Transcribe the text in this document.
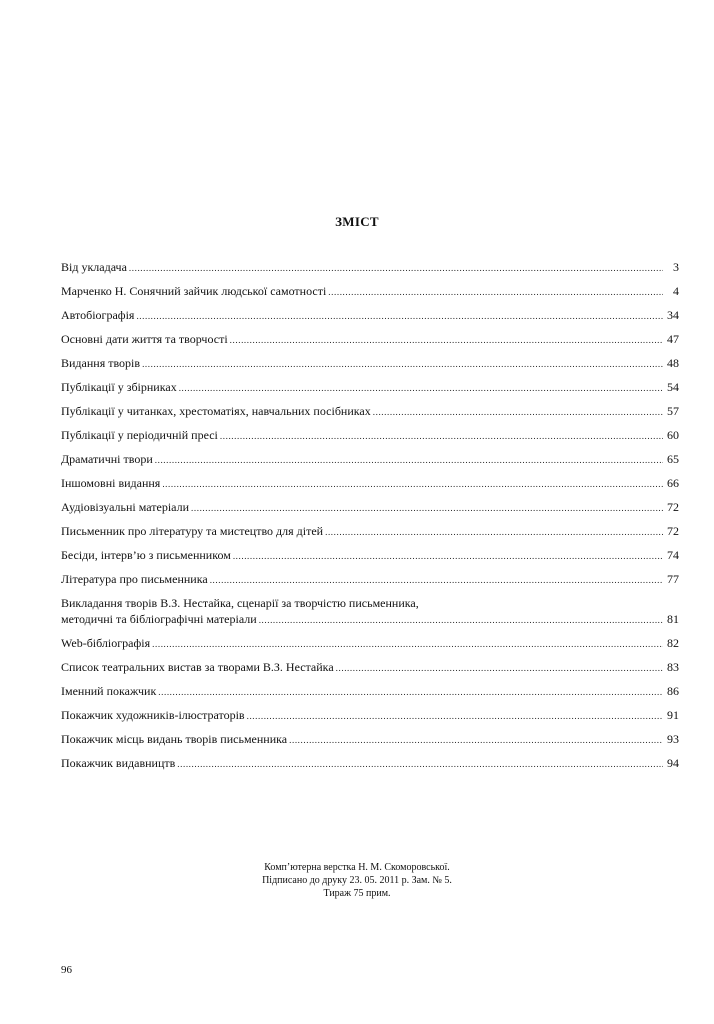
ЗМІСТ
Від укладача .....	3
Марченко Н. Сонячний зайчик людської самотності .....	4
Автобіографія .....	34
Основні дати життя та творчості .....	47
Видання творів .....	48
Публікації у збірниках .....	54
Публікації у читанках, хрестоматіях, навчальних посібниках .....	57
Публікації у періодичній пресі .....	60
Драматичні твори .....	65
Іншомовні видання .....	66
Аудіовізуальні матеріали .....	72
Письменник про літературу та мистецтво для дітей .....	72
Бесіди, інтерв’ю з письменником .....	74
Література про письменника .....	77
Викладання творів В.З. Нестайка, сценарії за творчістю письменника,
методичні та бібліографічні матеріали .....	81
Web-бібліографія .....	82
Список театральних вистав за творами В.З. Нестайка .....	83
Іменний покажчик .....	86
Покажчик художників-ілюстраторів .....	91
Покажчик місць видань творів письменника .....	93
Покажчик видавництв .....	94
Комп’ютерна верстка Н. М. Скоморовської.
Підписано до друку 23. 05. 2011 р. Зам. № 5.
Тираж 75 прим.
96
